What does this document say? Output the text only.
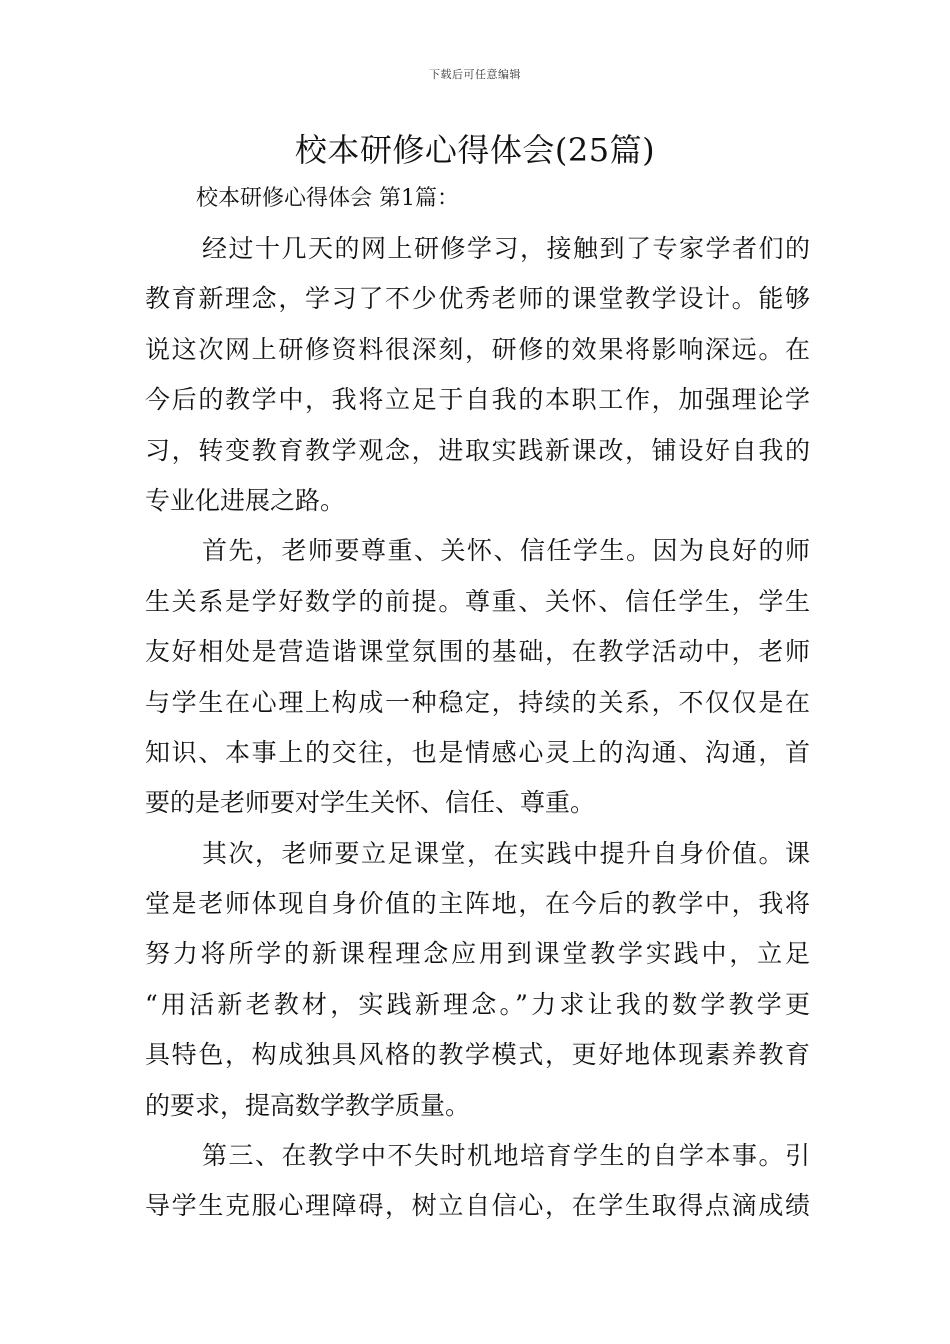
下载后可任意编辑
校本研修心得体会(25篇)
校本研修心得体会 第1篇：
经过十几天的网上研修学习，接触到了专家学者们的
教育新理念，学习了不少优秀老师的课堂教学设计。能够
说这次网上研修资料很深刻，研修的效果将影响深远。在
今后的教学中，我将立足于自我的本职工作，加强理论学
习，转变教育教学观念，进取实践新课改，铺设好自我的
专业化进展之路。
首先，老师要尊重、关怀、信任学生。因为良好的师
生关系是学好数学的前提。尊重、关怀、信任学生，学生
友好相处是营造谐课堂氛围的基础，在教学活动中，老师
与学生在心理上构成一种稳定，持续的关系，不仅仅是在
知识、本事上的交往，也是情感心灵上的沟通、沟通，首
要的是老师要对学生关怀、信任、尊重。
其次，老师要立足课堂，在实践中提升自身价值。课
堂是老师体现自身价值的主阵地，在今后的教学中，我将
努力将所学的新课程理念应用到课堂教学实践中，立足
“用活新老教材，实践新理念。”力求让我的数学教学更
具特色，构成独具风格的教学模式，更好地体现素养教育
的要求，提高数学教学质量。
第三、在教学中不失时机地培育学生的自学本事。引
导学生克服心理障碍，树立自信心，在学生取得点滴成绩
